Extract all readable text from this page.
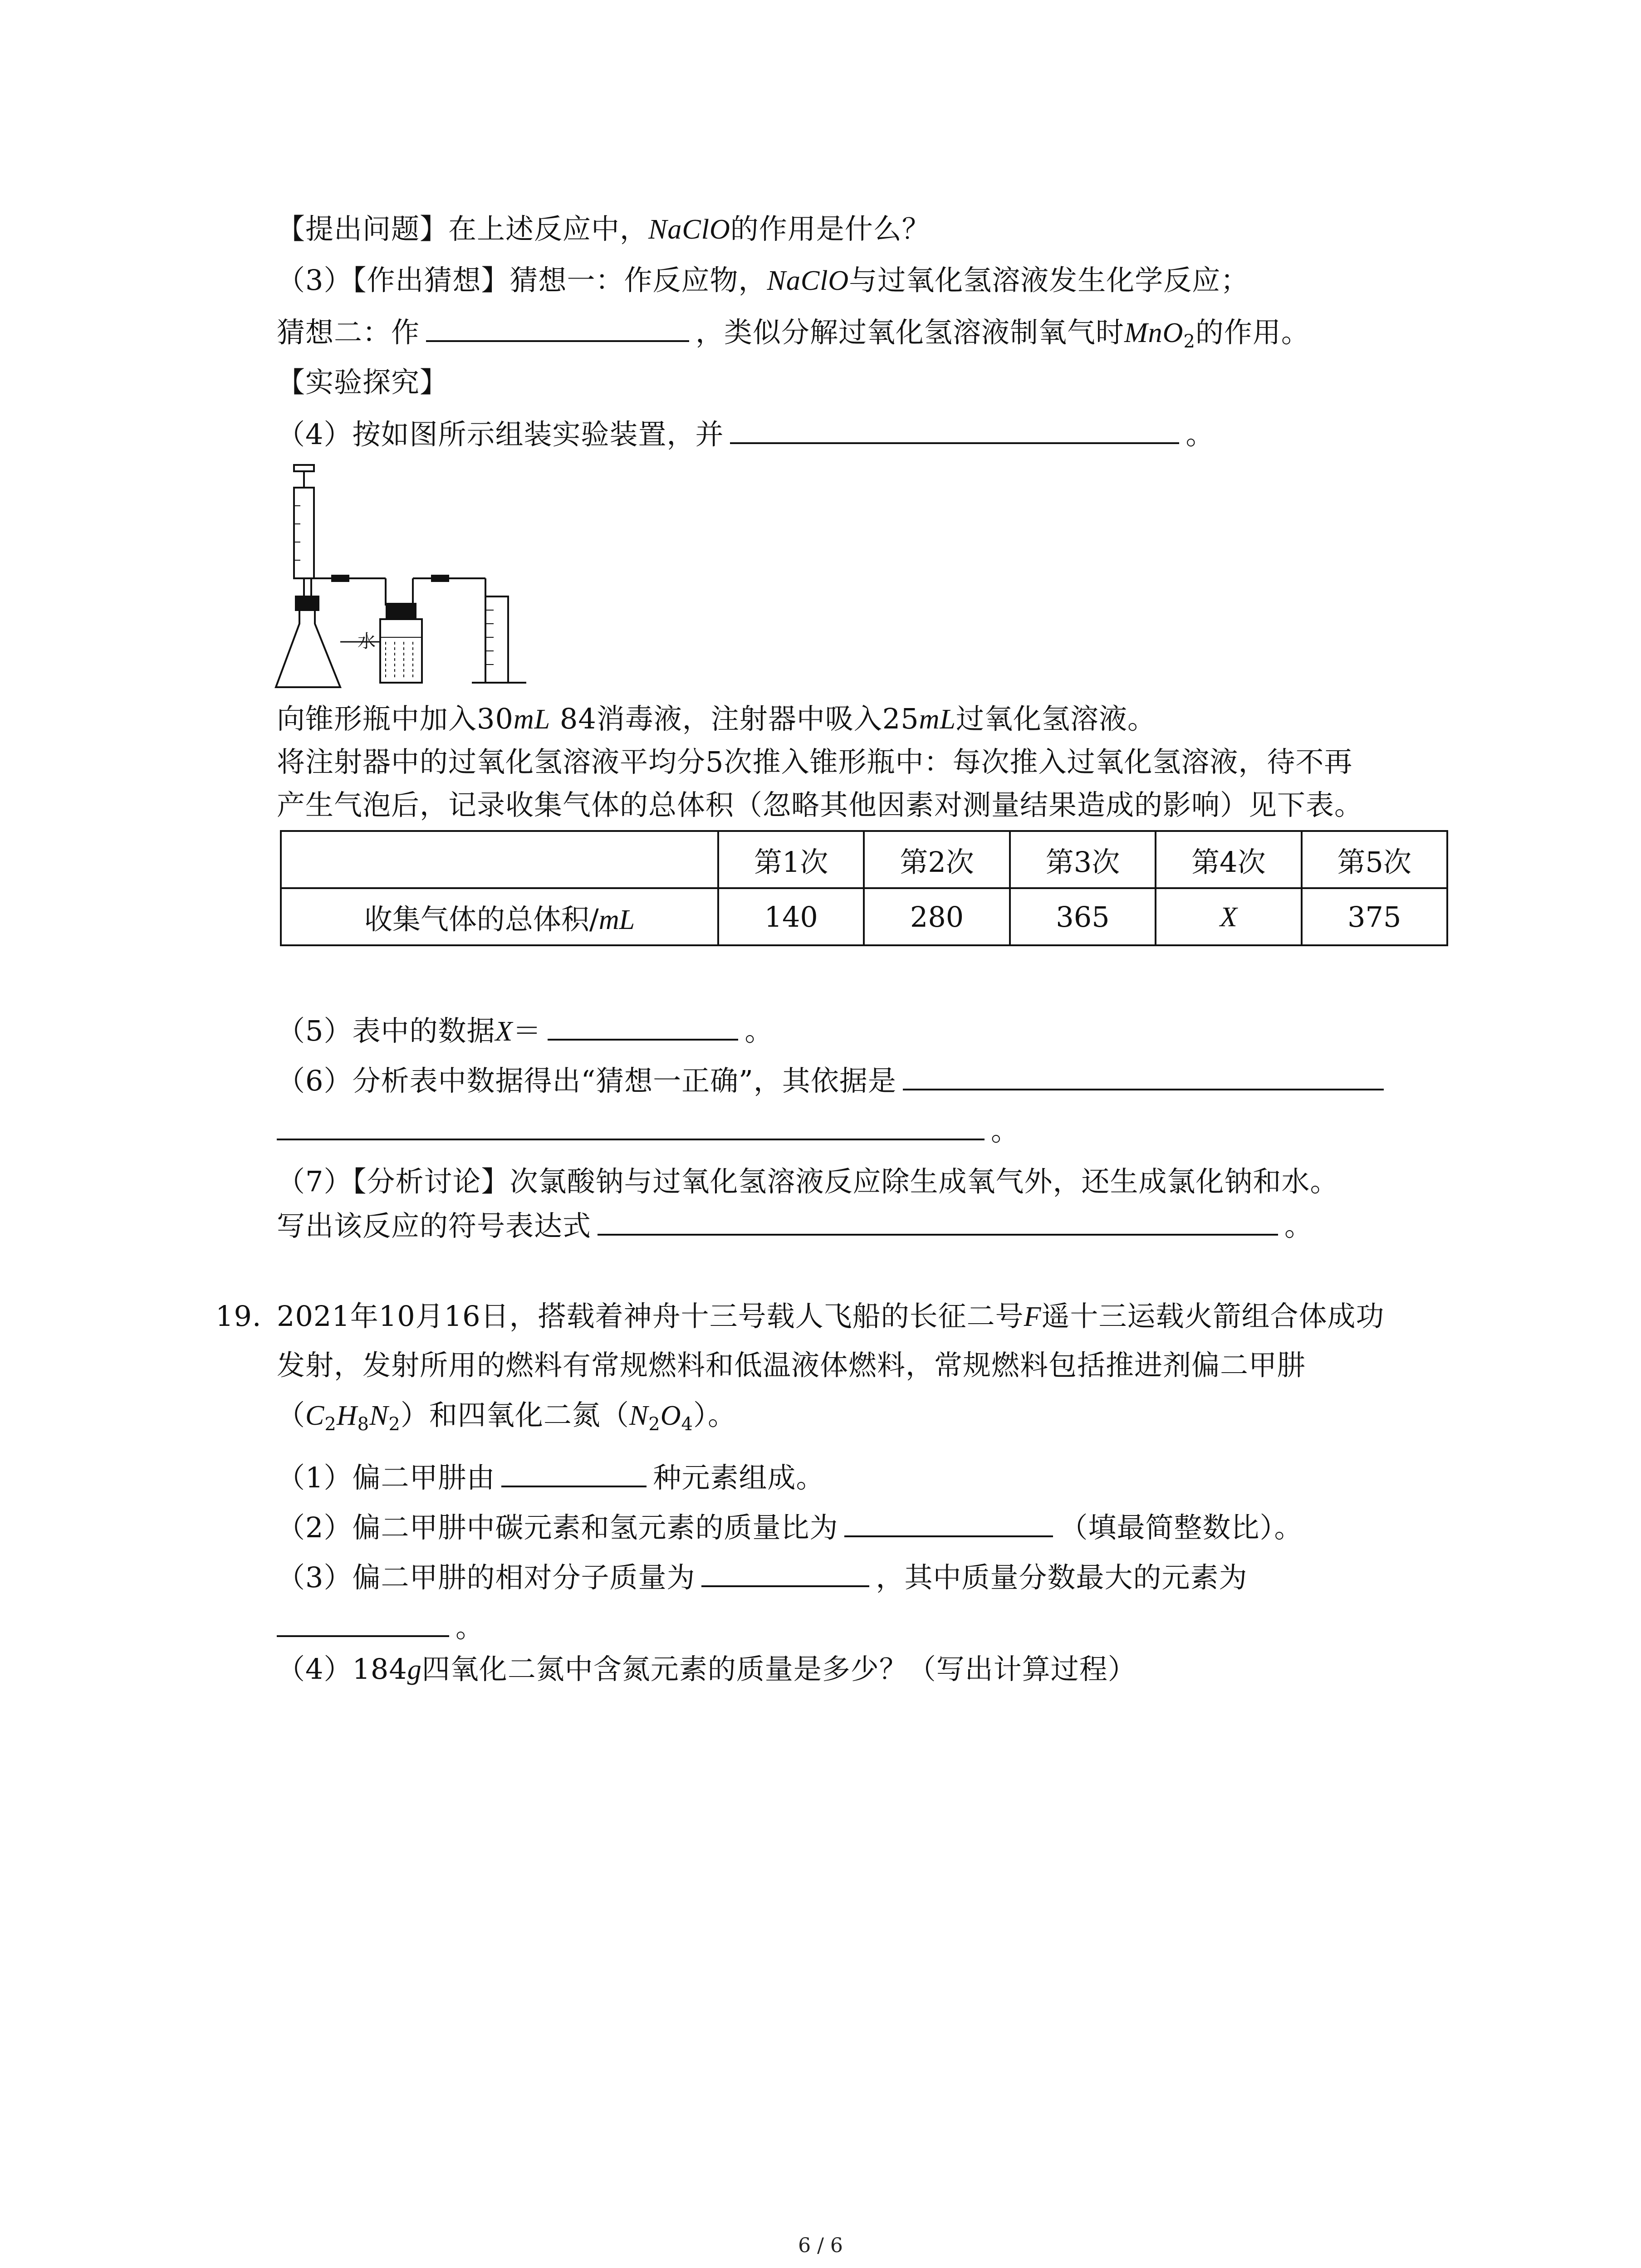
【提出问题】在上述反应中，NaClO的作用是什么？
（3）【作出猜想】猜想一：作反应物，NaClO与过氧化氢溶液发生化学反应；
猜想二：作	，类似分解过氧化氢溶液制氧气时MnO$_2$的作用。
【实验探究】
（4）按如图所示组装实验装置，并	。
水
向锥形瓶中加入30mL 84消毒液，注射器中吸入25mL过氧化氢溶液。
将注射器中的过氧化氢溶液平均分5次推入锥形瓶中：每次推入过氧化氢溶液，待不再
产生气泡后，记录收集气体的总体积（忽略其他因素对测量结果造成的影响）见下表。
	第1次	第2次	第3次	第4次	第5次
收集气体的总体积/mL	140	280	365	X	375
（5）表中的数据X＝	。
（6）分析表中数据得出“猜想一正确”，其依据是
。
（7）【分析讨论】次氯酸钠与过氧化氢溶液反应除生成氧气外，还生成氯化钠和水。
写出该反应的符号表达式	。
19. 2021年10月16日，搭载着神舟十三号载人飞船的长征二号F遥十三运载火箭组合体成功
发射，发射所用的燃料有常规燃料和低温液体燃料，常规燃料包括推进剂偏二甲肼
$(C_2H_8N_2)$和四氧化二氮$(N_2O_4)$。
（1）偏二甲肼由	种元素组成。
（2）偏二甲肼中碳元素和氢元素的质量比为	（填最简整数比）。
（3）偏二甲肼的相对分子质量为	，其中质量分数最大的元素为
。
（4）184g四氧化二氮中含氮元素的质量是多少？（写出计算过程）
6 / 6
